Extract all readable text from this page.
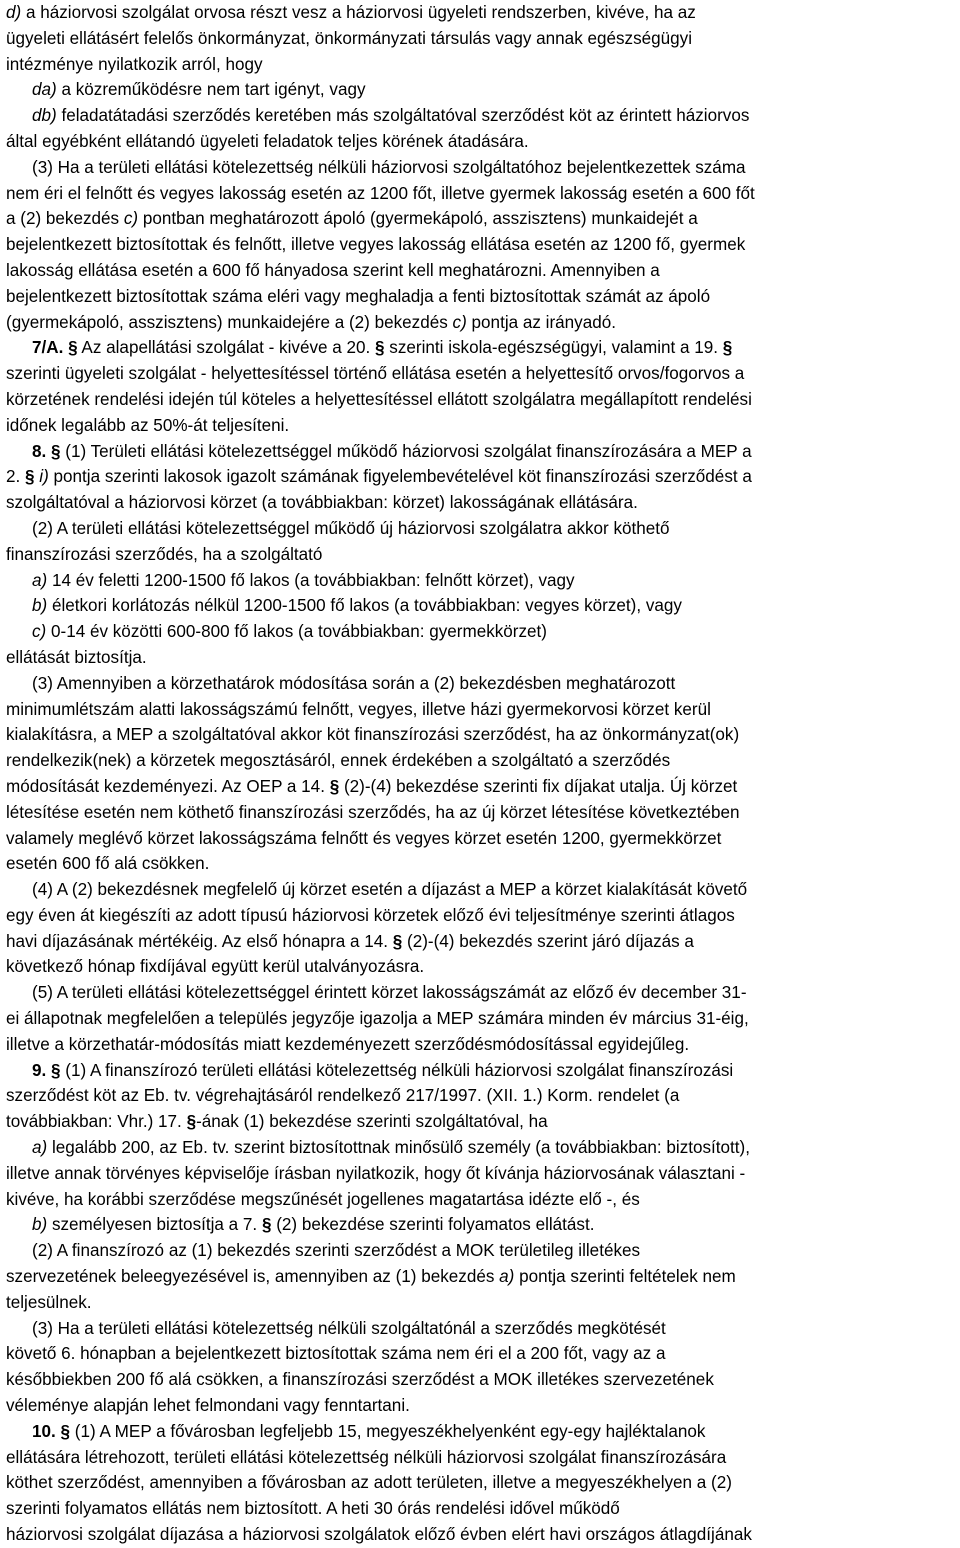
d) a háziorvosi szolgálat orvosa részt vesz a háziorvosi ügyeleti rendszerben, kivéve, ha az
ügyeleti ellátásért felelős önkormányzat, önkormányzati társulás vagy annak egészségügyi
intézménye nyilatkozik arról, hogy
da) a közreműködésre nem tart igényt, vagy
db) feladatátadási szerződés keretében más szolgáltatóval szerződést köt az érintett háziorvos
által egyébként ellátandó ügyeleti feladatok teljes körének átadására.
(3) Ha a területi ellátási kötelezettség nélküli háziorvosi szolgáltatóhoz bejelentkezettek száma
nem éri el felnőtt és vegyes lakosság esetén az 1200 főt, illetve gyermek lakosság esetén a 600 főt
a (2) bekezdés c) pontban meghatározott ápoló (gyermekápoló, asszisztens) munkaidejét a
bejelentkezett biztosítottak és felnőtt, illetve vegyes lakosság ellátása esetén az 1200 fő, gyermek
lakosság ellátása esetén a 600 fő hányadosa szerint kell meghatározni. Amennyiben a
bejelentkezett biztosítottak száma eléri vagy meghaladja a fenti biztosítottak számát az ápoló
(gyermekápoló, asszisztens) munkaidejére a (2) bekezdés c) pontja az irányadó.
7/A. § Az alapellátási szolgálat - kivéve a 20. § szerinti iskola-egészségügyi, valamint a 19. §
szerinti ügyeleti szolgálat - helyettesítéssel történő ellátása esetén a helyettesítő orvos/fogorvos a
körzetének rendelési idején túl köteles a helyettesítéssel ellátott szolgálatra megállapított rendelési
időnek legalább az 50%-át teljesíteni.
8. § (1) Területi ellátási kötelezettséggel működő háziorvosi szolgálat finanszírozására a MEP a
2. § i) pontja szerinti lakosok igazolt számának figyelembevételével köt finanszírozási szerződést a
szolgáltatóval a háziorvosi körzet (a továbbiakban: körzet) lakosságának ellátására.
(2) A területi ellátási kötelezettséggel működő új háziorvosi szolgálatra akkor köthető
finanszírozási szerződés, ha a szolgáltató
a) 14 év feletti 1200-1500 fő lakos (a továbbiakban: felnőtt körzet), vagy
b) életkori korlátozás nélkül 1200-1500 fő lakos (a továbbiakban: vegyes körzet), vagy
c) 0-14 év közötti 600-800 fő lakos (a továbbiakban: gyermekkörzet)
ellátását biztosítja.
(3) Amennyiben a körzethatárok módosítása során a (2) bekezdésben meghatározott
minimumlétszám alatti lakosságszámú felnőtt, vegyes, illetve házi gyermekorvosi körzet kerül
kialakításra, a MEP a szolgáltatóval akkor köt finanszírozási szerződést, ha az önkormányzat(ok)
rendelkezik(nek) a körzetek megosztásáról, ennek érdekében a szolgáltató a szerződés
módosítását kezdeményezi. Az OEP a 14. § (2)-(4) bekezdése szerinti fix díjakat utalja. Új körzet
létesítése esetén nem köthető finanszírozási szerződés, ha az új körzet létesítése következtében
valamely meglévő körzet lakosságszáma felnőtt és vegyes körzet esetén 1200, gyermekkörzet
esetén 600 fő alá csökken.
(4) A (2) bekezdésnek megfelelő új körzet esetén a díjazást a MEP a körzet kialakítását követő
egy éven át kiegészíti az adott típusú háziorvosi körzetek előző évi teljesítménye szerinti átlagos
havi díjazásának mértékéig. Az első hónapra a 14. § (2)-(4) bekezdés szerint járó díjazás a
következő hónap fixdíjával együtt kerül utalványozásra.
(5) A területi ellátási kötelezettséggel érintett körzet lakosságszámát az előző év december 31-
ei állapotnak megfelelően a település jegyzője igazolja a MEP számára minden év március 31-éig,
illetve a körzethatár-módosítás miatt kezdeményezett szerződésmódosítással egyidejűleg.
9. § (1) A finanszírozó területi ellátási kötelezettség nélküli háziorvosi szolgálat finanszírozási
szerződést köt az Eb. tv. végrehajtásáról rendelkező 217/1997. (XII. 1.) Korm. rendelet (a
továbbiakban: Vhr.) 17. §-ának (1) bekezdése szerinti szolgáltatóval, ha
a) legalább 200, az Eb. tv. szerint biztosítottnak minősülő személy (a továbbiakban: biztosított),
illetve annak törvényes képviselője írásban nyilatkozik, hogy őt kívánja háziorvosának választani -
kivéve, ha korábbi szerződése megszűnését jogellenes magatartása idézte elő -, és
b) személyesen biztosítja a 7. § (2) bekezdése szerinti folyamatos ellátást.
(2) A finanszírozó az (1) bekezdés szerinti szerződést a MOK területileg illetékes
szervezetének beleegyezésével is, amennyiben az (1) bekezdés a) pontja szerinti feltételek nem
teljesülnek.
(3) Ha a területi ellátási kötelezettség nélküli szolgáltatónál a szerződés megkötését
követő 6. hónapban a bejelentkezett biztosítottak száma nem éri el a 200 főt, vagy az a
későbbiekben 200 fő alá csökken, a finanszírozási szerződést a MOK illetékes szervezetének
véleménye alapján lehet felmondani vagy fenntartani.
10. § (1) A MEP a fővárosban legfeljebb 15, megyeszékhelyenként egy-egy hajléktalanok
ellátására létrehozott, területi ellátási kötelezettség nélküli háziorvosi szolgálat finanszírozására
köthet szerződést, amennyiben a fővárosban az adott területen, illetve a megyeszékhelyen a (2)
szerinti folyamatos ellátás nem biztosított. A heti 30 órás rendelési idővel működő
háziorvosi szolgálat díjazása a háziorvosi szolgálatok előző évben elért havi országos átlagdíjának
